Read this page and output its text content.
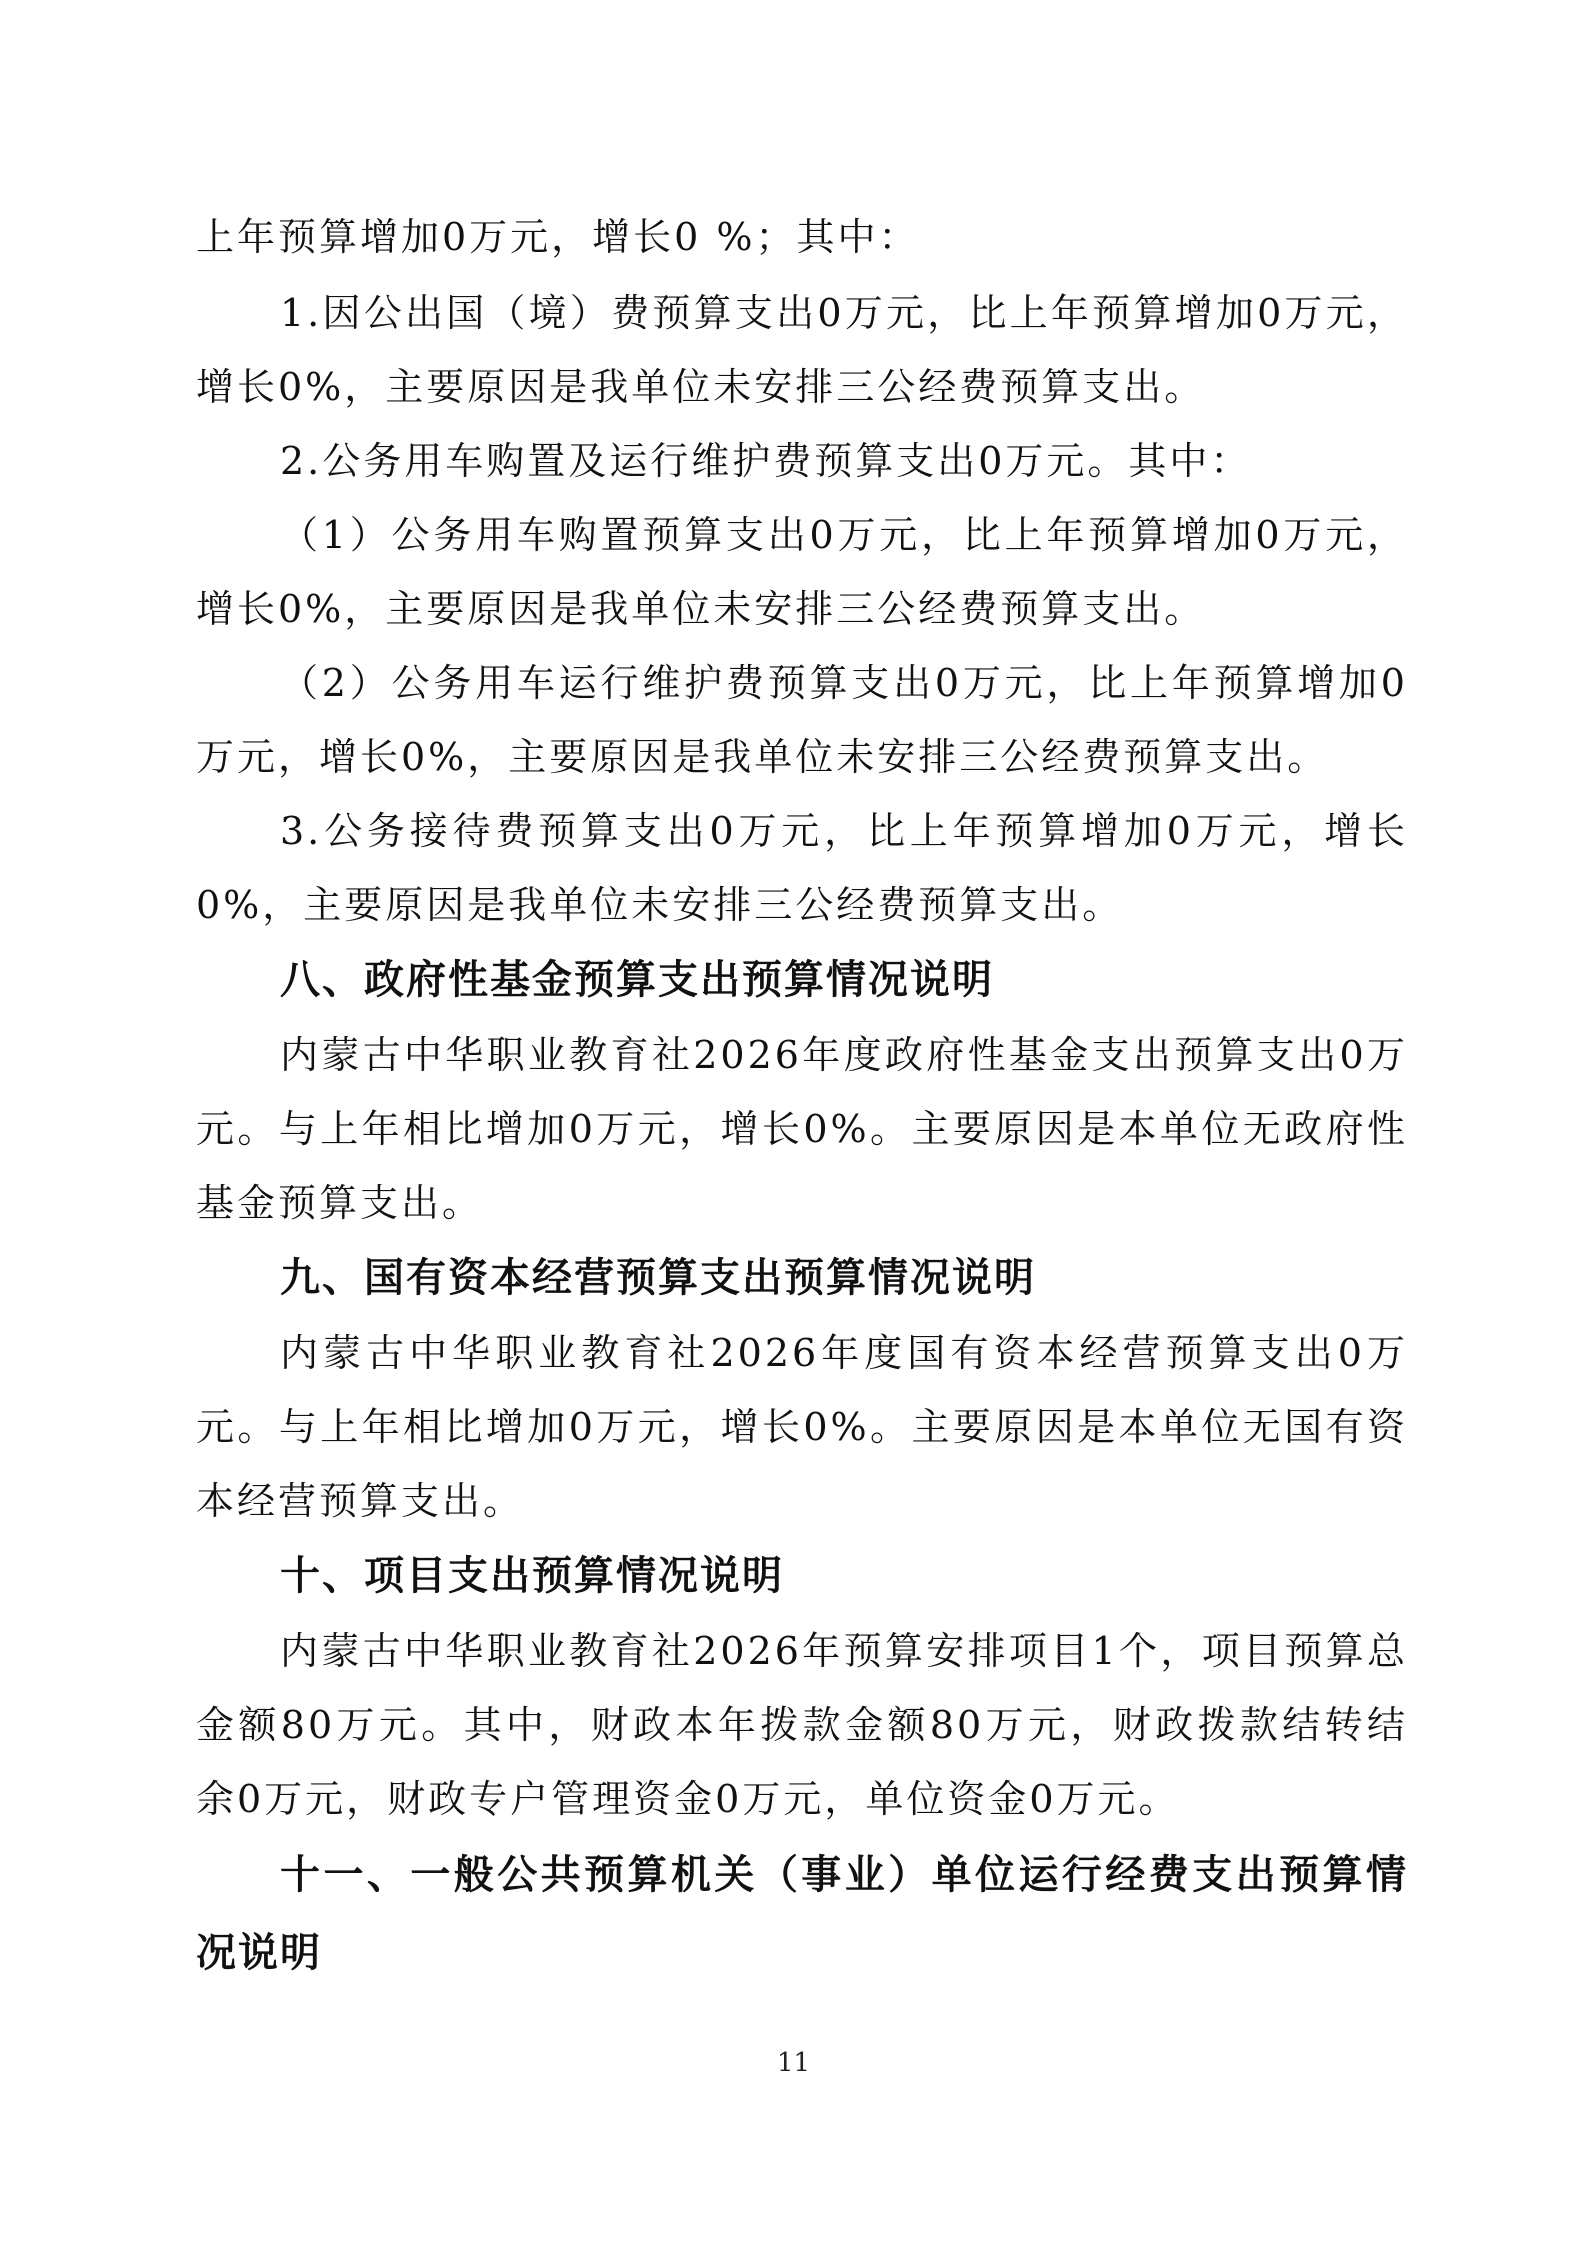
上年预算增加0万元，增长0 %；其中：

1.因公出国（境）费预算支出0万元，比上年预算增加0万元，增长0%，主要原因是我单位未安排三公经费预算支出。

2.公务用车购置及运行维护费预算支出0万元。其中：

（1）公务用车购置预算支出0万元，比上年预算增加0万元，增长0%，主要原因是我单位未安排三公经费预算支出。

（2）公务用车运行维护费预算支出0万元，比上年预算增加0万元，增长0%，主要原因是我单位未安排三公经费预算支出。

3.公务接待费预算支出0万元，比上年预算增加0万元，增长0%，主要原因是我单位未安排三公经费预算支出。

八、政府性基金预算支出预算情况说明

内蒙古中华职业教育社2026年度政府性基金支出预算支出0万元。与上年相比增加0万元，增长0%。主要原因是本单位无政府性基金预算支出。

九、国有资本经营预算支出预算情况说明

内蒙古中华职业教育社2026年度国有资本经营预算支出0万元。与上年相比增加0万元，增长0%。主要原因是本单位无国有资本经营预算支出。

十、项目支出预算情况说明

内蒙古中华职业教育社2026年预算安排项目1个，项目预算总金额80万元。其中，财政本年拨款金额80万元，财政拨款结转结余0万元，财政专户管理资金0万元，单位资金0万元。

十一、一般公共预算机关（事业）单位运行经费支出预算情况说明
11
